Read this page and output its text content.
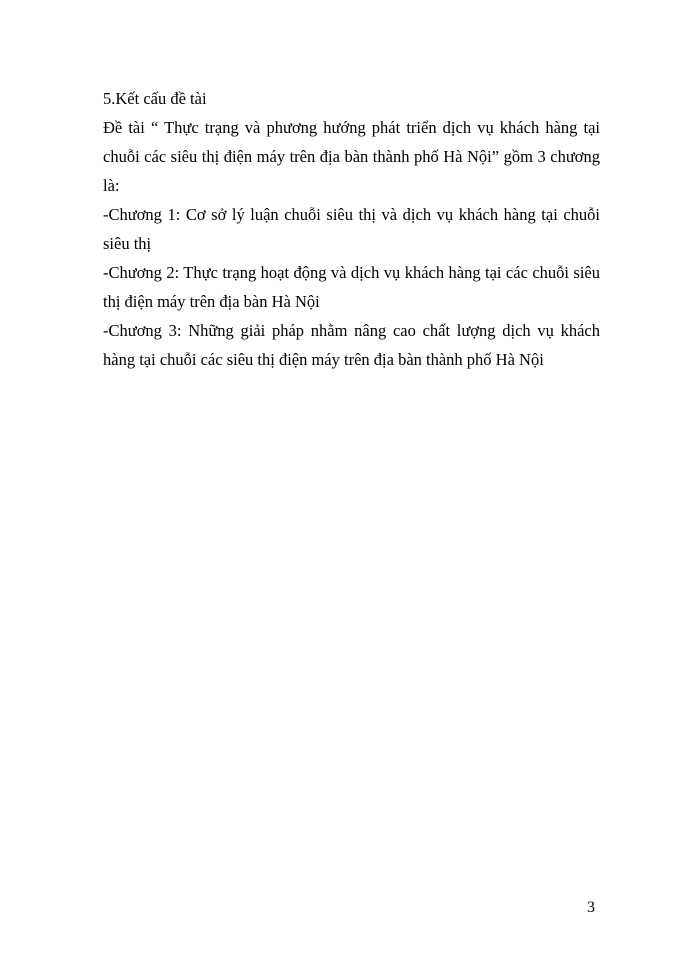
5.Kết cấu đề tài

Đề tài “ Thực trạng và phương hướng phát triển dịch vụ khách hàng tại chuỗi các siêu thị điện máy trên địa bàn thành phố Hà Nội” gồm 3 chương là:

-Chương 1: Cơ sở lý luận chuỗi siêu thị và dịch vụ khách hàng tại chuỗi siêu thị

-Chương 2: Thực trạng hoạt động và dịch vụ khách hàng tại các chuỗi siêu thị điện máy trên địa bàn Hà Nội

-Chương 3: Những giải pháp nhằm nâng cao chất lượng dịch vụ khách hàng tại chuỗi các siêu thị điện máy trên địa bàn thành phố Hà Nội

3
